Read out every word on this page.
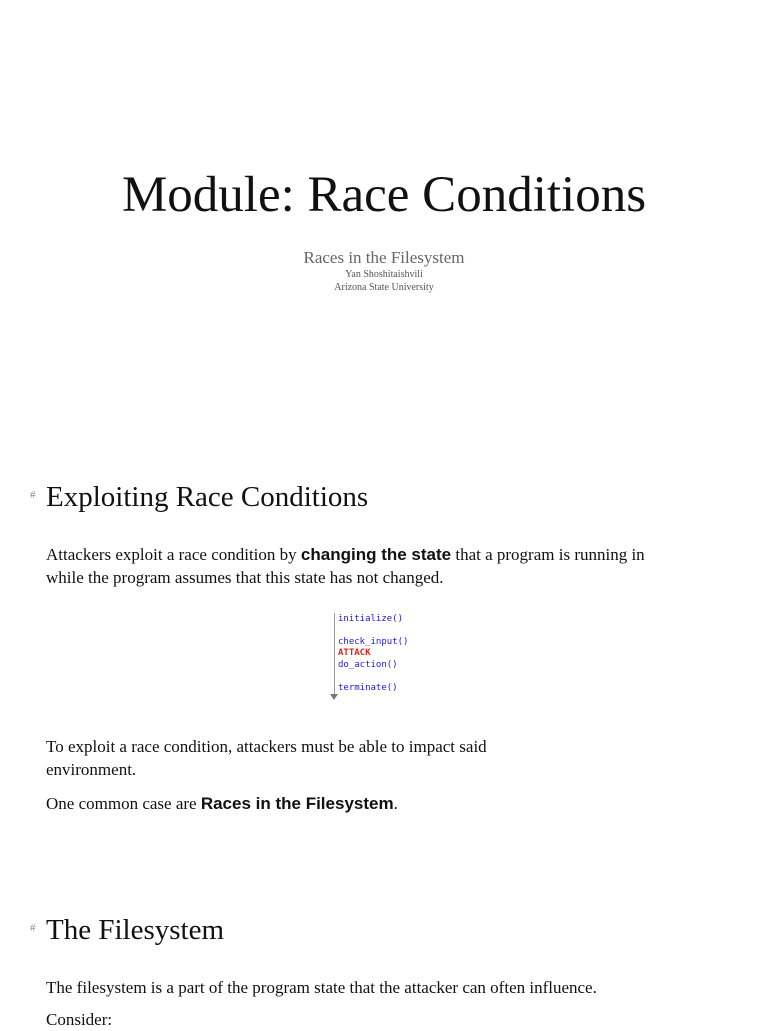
Module: Race Conditions
Races in the Filesystem
Yan Shoshitaishvili
Arizona State University
# Exploiting Race Conditions
Attackers exploit a race condition by changing the state that a program is running in
while the program assumes that this state has not changed.
initialize()
check_input()
ATTACK
do_action()
terminate()
To exploit a race condition, attackers must be able to impact said
environment.
One common case are Races in the Filesystem.
# The Filesystem
The filesystem is a part of the program state that the attacker can often influence.
Consider:
